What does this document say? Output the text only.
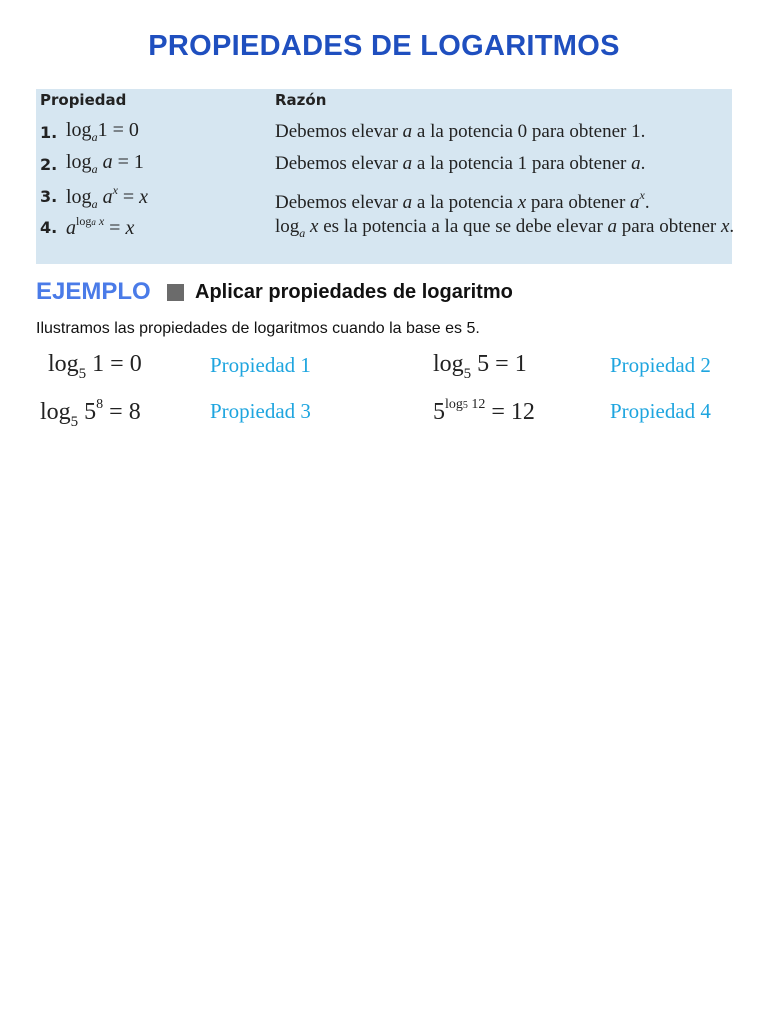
PROPIEDADES DE LOGARITMOS
Propiedad	Razón
1. $\log_a1 = 0$	Debemos elevar a a la potencia 0 para obtener 1.
2. $\log_a a = 1$	Debemos elevar a a la potencia 1 para obtener a.
3. $\log_a a^x = x$	Debemos elevar a a la potencia x para obtener $a^x$.
4. $a^{loga x} = x$	$\log_a x$ es la potencia a la que se debe elevar a para obtener x.
EJEMPLO Aplicar propiedades de logaritmo
Ilustramos las propiedades de logaritmos cuando la base es 5.
$\log_5 1 = 0$	Propiedad 1	$\log_5 5 = 1$	Propiedad 2
$\log_5 5^8 = 8$	Propiedad 3	$5^{log5 12} = 12$	Propiedad 4
